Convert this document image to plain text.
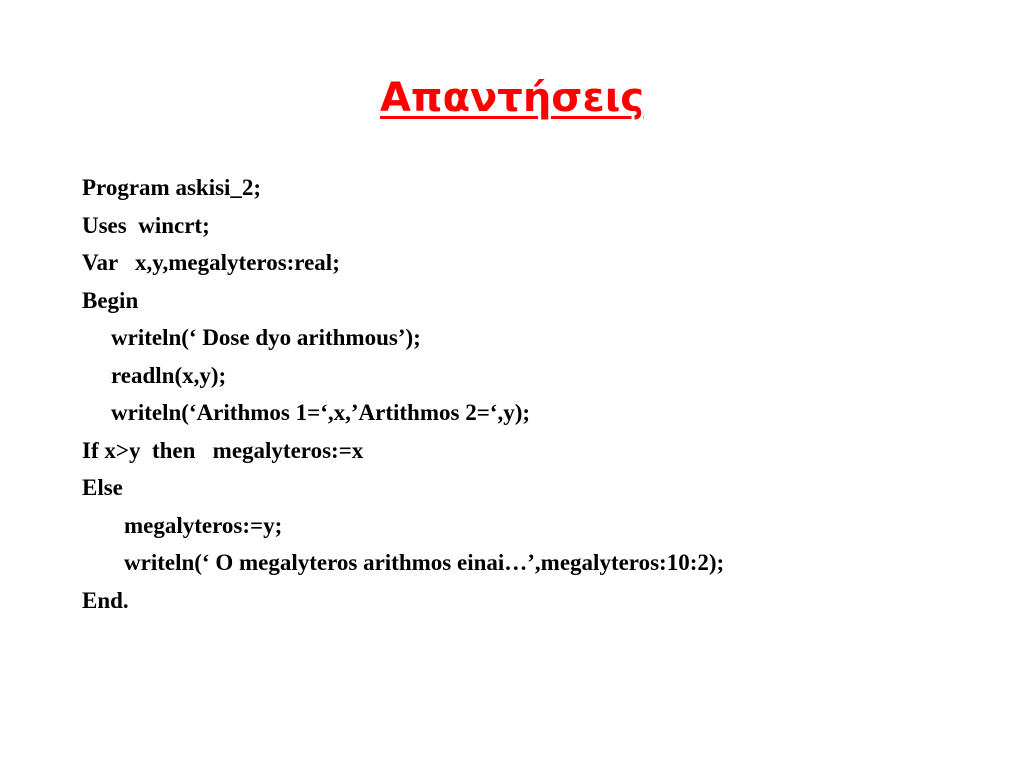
Απαντήσεις
Program askisi_2;
Uses  wincrt;
Var   x,y,megalyteros:real;
Begin
writeln(‘ Dose dyo arithmous’);
readln(x,y);
writeln(‘Arithmos 1=‘,x,’Artithmos 2=‘,y);
If x>y  then   megalyteros:=x
Else
megalyteros:=y;
writeln(‘ O megalyteros arithmos einai…’,megalyteros:10:2);
End.
